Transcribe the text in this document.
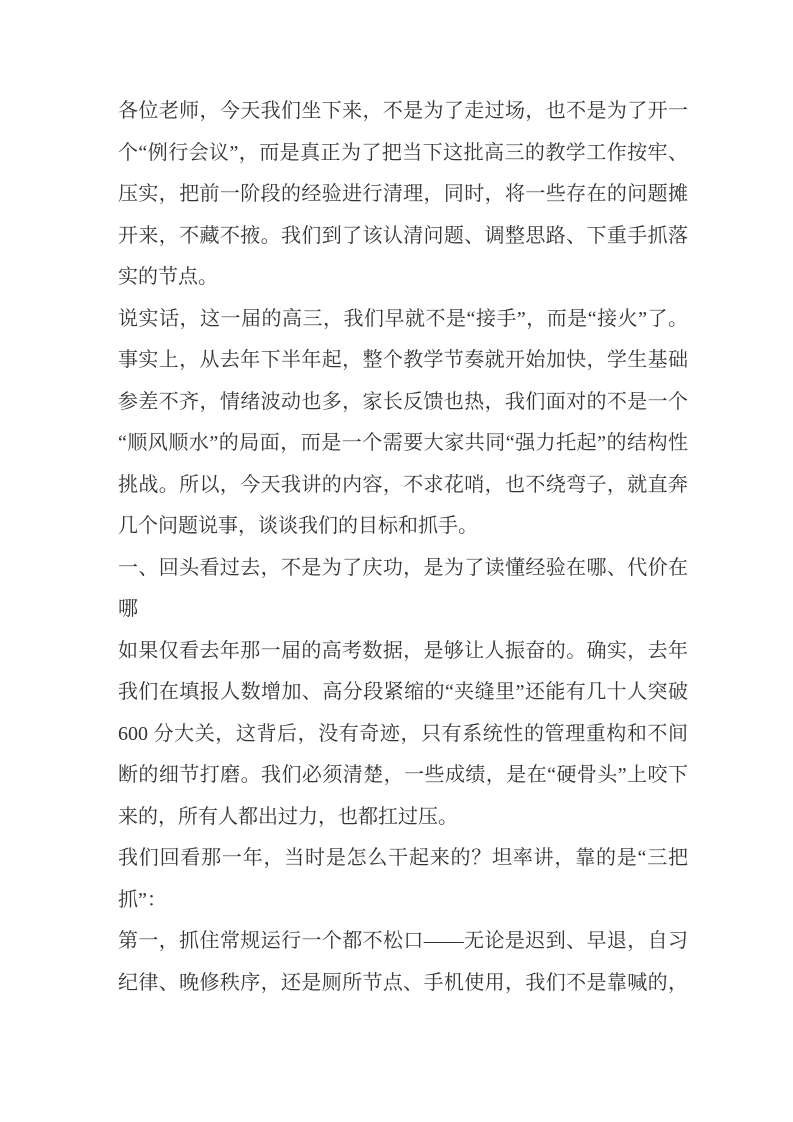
各位老师，今天我们坐下来，不是为了走过场，也不是为了开一
个“例行会议”，而是真正为了把当下这批高三的教学工作按牢、
压实，把前一阶段的经验进行清理，同时，将一些存在的问题摊
开来，不藏不掖。我们到了该认清问题、调整思路、下重手抓落
实的节点。
说实话，这一届的高三，我们早就不是“接手”，而是“接火”了。
事实上，从去年下半年起，整个教学节奏就开始加快，学生基础
参差不齐，情绪波动也多，家长反馈也热，我们面对的不是一个
“顺风顺水”的局面，而是一个需要大家共同“强力托起”的结构性
挑战。所以，今天我讲的内容，不求花哨，也不绕弯子，就直奔
几个问题说事，谈谈我们的目标和抓手。
一、回头看过去，不是为了庆功，是为了读懂经验在哪、代价在
哪
如果仅看去年那一届的高考数据，是够让人振奋的。确实，去年
我们在填报人数增加、高分段紧缩的“夹缝里”还能有几十人突破
600 分大关，这背后，没有奇迹，只有系统性的管理重构和不间
断的细节打磨。我们必须清楚，一些成绩，是在“硬骨头”上咬下
来的，所有人都出过力，也都扛过压。
我们回看那一年，当时是怎么干起来的？坦率讲，靠的是“三把
抓”：
第一，抓住常规运行一个都不松口——无论是迟到、早退，自习
纪律、晚修秩序，还是厕所节点、手机使用，我们不是靠喊的，
